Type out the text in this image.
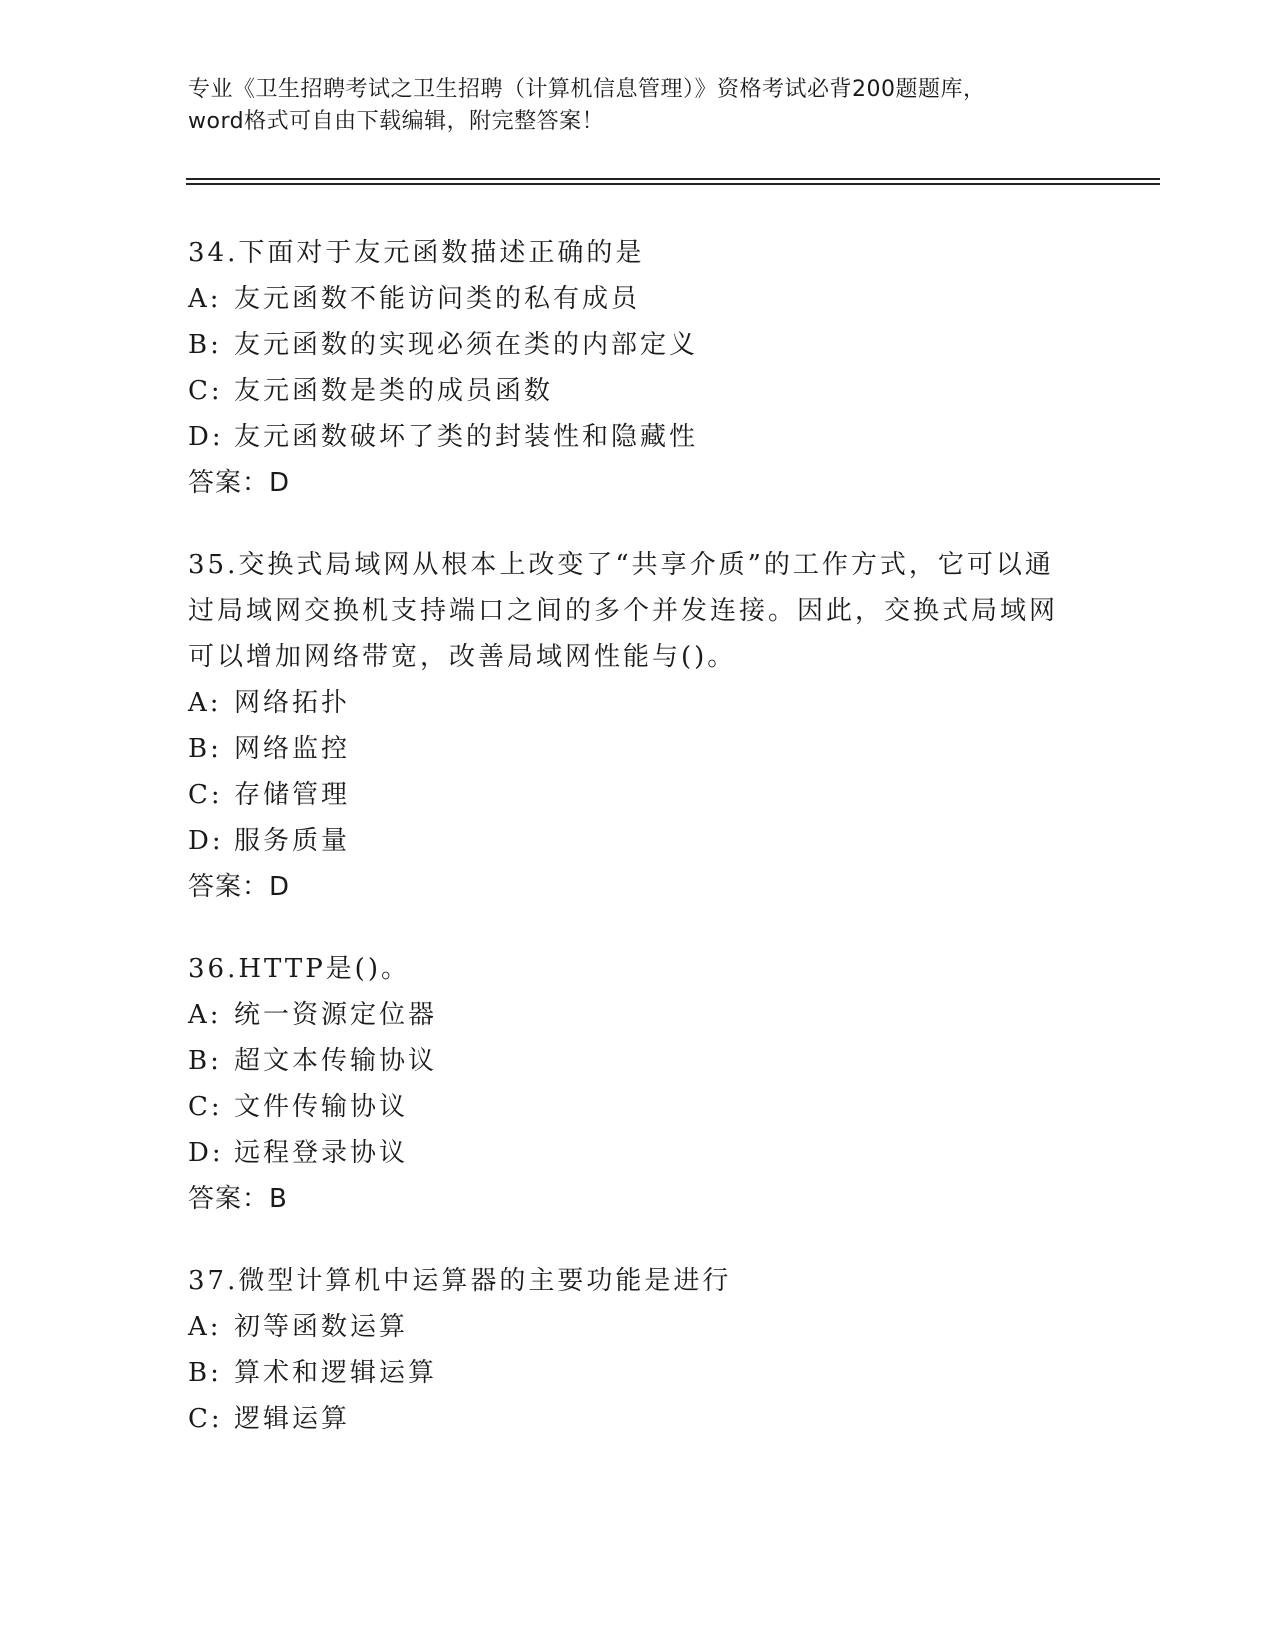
专业《卫生招聘考试之卫生招聘（计算机信息管理）》资格考试必背200题题库，
word格式可自由下载编辑，附完整答案！
34.下面对于友元函数描述正确的是
A: 友元函数不能访问类的私有成员
B: 友元函数的实现必须在类的内部定义
C: 友元函数是类的成员函数
D: 友元函数破坏了类的封装性和隐藏性
答案：D
35.交换式局域网从根本上改变了“共享介质”的工作方式，它可以通
过局域网交换机支持端口之间的多个并发连接。因此，交换式局域网
可以增加网络带宽，改善局域网性能与()。
A: 网络拓扑
B: 网络监控
C: 存储管理
D: 服务质量
答案：D
36.HTTP是()。
A: 统一资源定位器
B: 超文本传输协议
C: 文件传输协议
D: 远程登录协议
答案：B
37.微型计算机中运算器的主要功能是进行
A: 初等函数运算
B: 算术和逻辑运算
C: 逻辑运算
